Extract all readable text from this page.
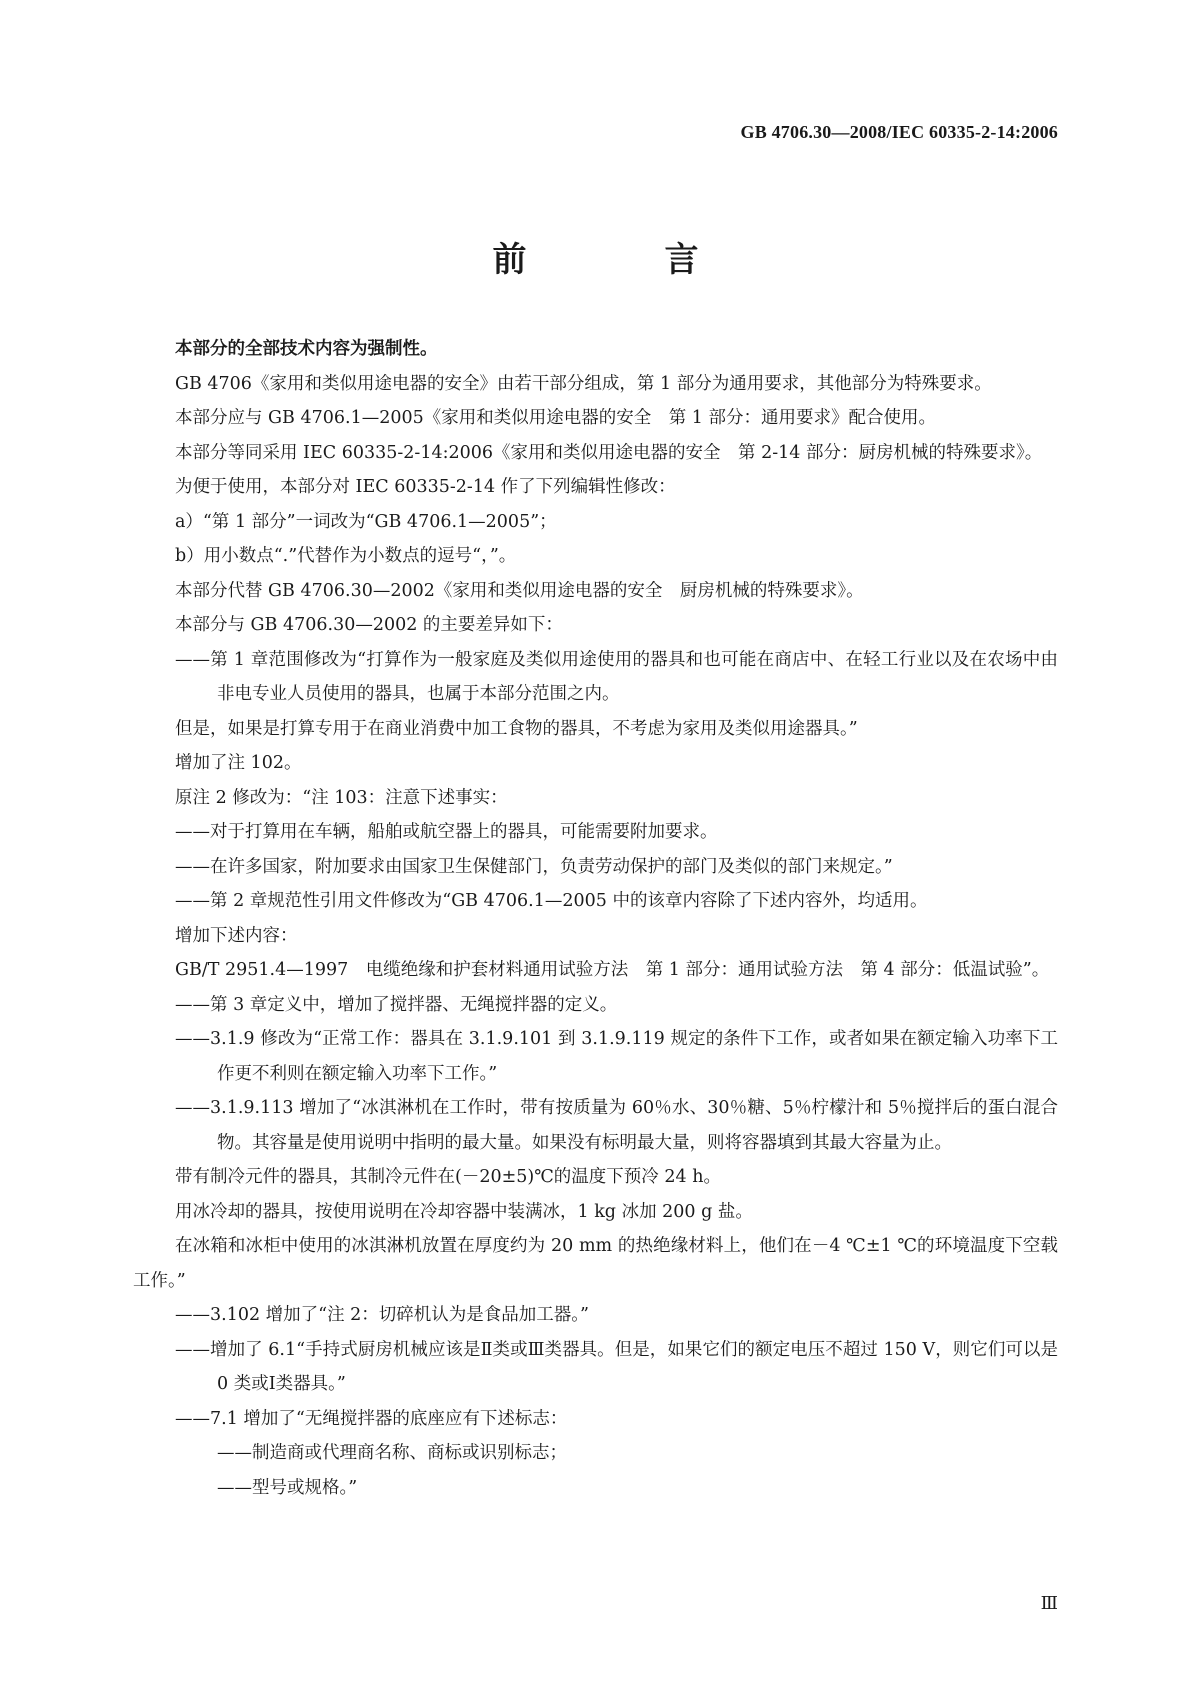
GB 4706.30—2008/IEC 60335-2-14:2006
前　言

本部分的全部技术内容为强制性。

GB 4706《家用和类似用途电器的安全》由若干部分组成，第 1 部分为通用要求，其他部分为特殊要求。

本部分应与 GB 4706.1—2005《家用和类似用途电器的安全　第 1 部分：通用要求》配合使用。

本部分等同采用 IEC 60335-2-14:2006《家用和类似用途电器的安全　第 2-14 部分：厨房机械的特殊要求》。

为便于使用，本部分对 IEC 60335-2-14 作了下列编辑性修改：

a）“第 1 部分”一词改为“GB 4706.1—2005”；

b）用小数点“.”代替作为小数点的逗号“，”。

本部分代替 GB 4706.30—2002《家用和类似用途电器的安全　厨房机械的特殊要求》。

本部分与 GB 4706.30—2002 的主要差异如下：

——第 1 章范围修改为“打算作为一般家庭及类似用途使用的器具和也可能在商店中、在轻工行业以及在农场中由非电专业人员使用的器具，也属于本部分范围之内。

但是，如果是打算专用于在商业消费中加工食物的器具，不考虑为家用及类似用途器具。”

增加了注 102。

原注 2 修改为：“注 103：注意下述事实：

——对于打算用在车辆，船舶或航空器上的器具，可能需要附加要求。

——在许多国家，附加要求由国家卫生保健部门，负责劳动保护的部门及类似的部门来规定。”

——第 2 章规范性引用文件修改为“GB 4706.1—2005 中的该章内容除了下述内容外，均适用。

增加下述内容：

GB/T 2951.4—1997　电缆绝缘和护套材料通用试验方法　第 1 部分：通用试验方法　第 4 部分：低温试验”。

——第 3 章定义中，增加了搅拌器、无绳搅拌器的定义。

——3.1.9 修改为“正常工作：器具在 3.1.9.101 到 3.1.9.119 规定的条件下工作，或者如果在额定输入功率下工作更不利则在额定输入功率下工作。”

——3.1.9.113 增加了“冰淇淋机在工作时，带有按质量为 60％水、30％糖、5％柠檬汁和 5％搅拌后的蛋白混合物。其容量是使用说明中指明的最大量。如果没有标明最大量，则将容器填到其最大容量为止。

带有制冷元件的器具，其制冷元件在(－20±5)℃的温度下预冷 24 h。

用冰冷却的器具，按使用说明在冷却容器中装满冰，1 kg 冰加 200 g 盐。

在冰箱和冰柜中使用的冰淇淋机放置在厚度约为 20 mm 的热绝缘材料上，他们在－4 ℃±1 ℃的环境温度下空载工作。”

——3.102 增加了“注 2：切碎机认为是食品加工器。”

——增加了 6.1“手持式厨房机械应该是Ⅱ类或Ⅲ类器具。但是，如果它们的额定电压不超过 150 V，则它们可以是 0 类或Ⅰ类器具。”

——7.1 增加了“无绳搅拌器的底座应有下述标志：

——制造商或代理商名称、商标或识别标志；

——型号或规格。”

Ⅲ
